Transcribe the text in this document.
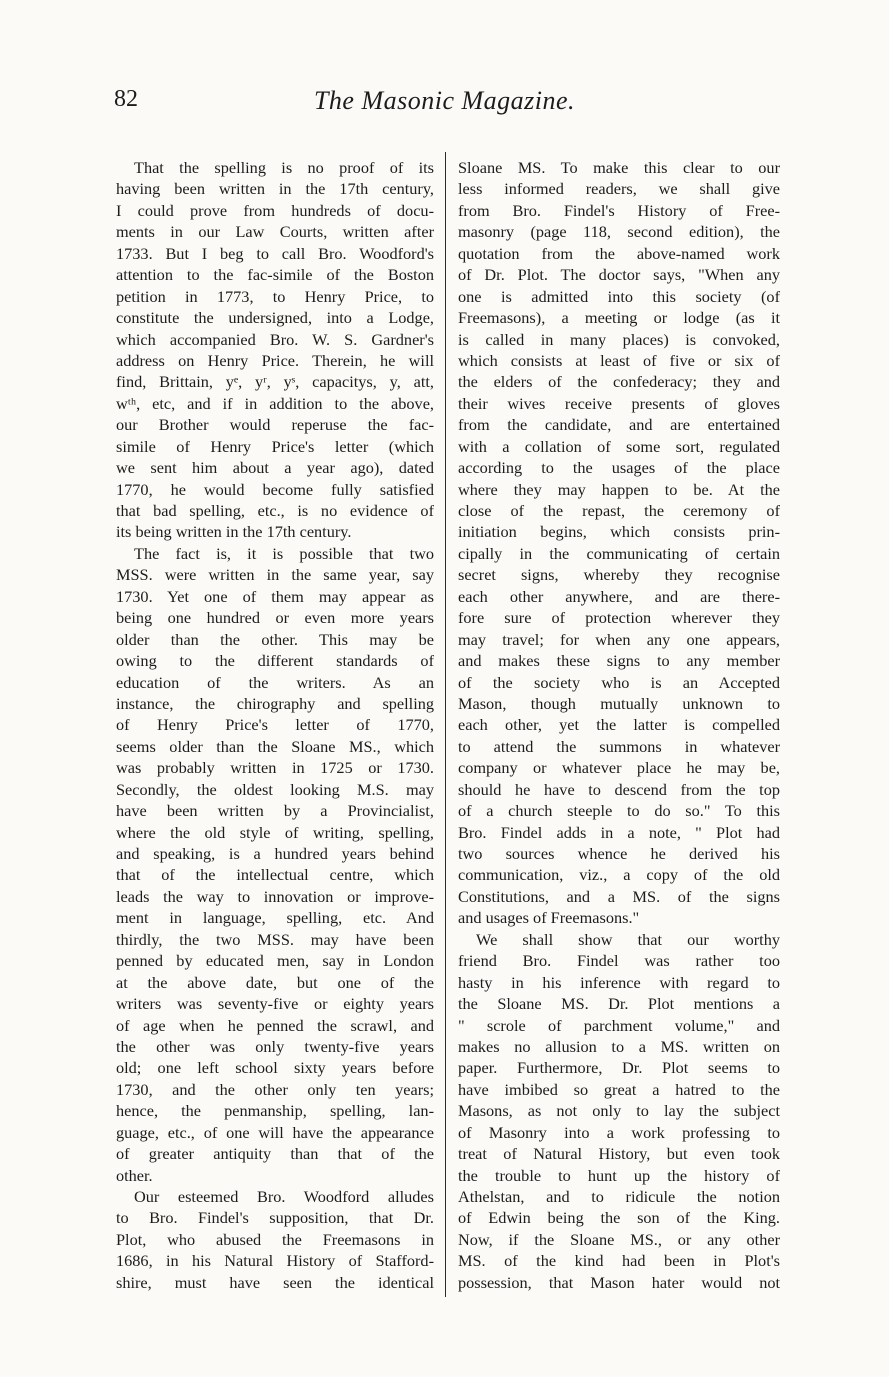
82	The Masonic Magazine.
That the spelling is no proof of its
having been written in the 17th century,
I could prove from hundreds of docu-
ments in our Law Courts, written after
1733. But I beg to call Bro. Woodford's
attention to the fac-simile of the Boston
petition in 1773, to Henry Price, to
constitute the undersigned, into a Lodge,
which accompanied Bro. W. S. Gardner's
address on Henry Price. Therein, he will
find, Brittain, yᵉ, yʳ, yˢ, capacitys, y, att,
wᵗʰ, etc, and if in addition to the above,
our Brother would reperuse the fac-
simile of Henry Price's letter (which
we sent him about a year ago), dated
1770, he would become fully satisfied
that bad spelling, etc., is no evidence of
its being written in the 17th century.
The fact is, it is possible that two
MSS. were written in the same year, say
1730. Yet one of them may appear as
being one hundred or even more years
older than the other. This may be
owing to the different standards of
education of the writers. As an
instance, the chirography and spelling
of Henry Price's letter of 1770,
seems older than the Sloane MS., which
was probably written in 1725 or 1730.
Secondly, the oldest looking M.S. may
have been written by a Provincialist,
where the old style of writing, spelling,
and speaking, is a hundred years behind
that of the intellectual centre, which
leads the way to innovation or improve-
ment in language, spelling, etc. And
thirdly, the two MSS. may have been
penned by educated men, say in London
at the above date, but one of the
writers was seventy-five or eighty years
of age when he penned the scrawl, and
the other was only twenty-five years
old; one left school sixty years before
1730, and the other only ten years;
hence, the penmanship, spelling, lan-
guage, etc., of one will have the appearance
of greater antiquity than that of the
other.
Our esteemed Bro. Woodford alludes
to Bro. Findel's supposition, that Dr.
Plot, who abused the Freemasons in
1686, in his Natural History of Stafford-
shire, must have seen the identical
Sloane MS. To make this clear to our
less informed readers, we shall give
from Bro. Findel's History of Free-
masonry (page 118, second edition), the
quotation from the above-named work
of Dr. Plot. The doctor says, "When any
one is admitted into this society (of
Freemasons), a meeting or lodge (as it
is called in many places) is convoked,
which consists at least of five or six of
the elders of the confederacy; they and
their wives receive presents of gloves
from the candidate, and are entertained
with a collation of some sort, regulated
according to the usages of the place
where they may happen to be. At the
close of the repast, the ceremony of
initiation begins, which consists prin-
cipally in the communicating of certain
secret signs, whereby they recognise
each other anywhere, and are there-
fore sure of protection wherever they
may travel; for when any one appears,
and makes these signs to any member
of the society who is an Accepted
Mason, though mutually unknown to
each other, yet the latter is compelled
to attend the summons in whatever
company or whatever place he may be,
should he have to descend from the top
of a church steeple to do so." To this
Bro. Findel adds in a note, " Plot had
two sources whence he derived his
communication, viz., a copy of the old
Constitutions, and a MS. of the signs
and usages of Freemasons."
We shall show that our worthy
friend Bro. Findel was rather too
hasty in his inference with regard to
the Sloane MS. Dr. Plot mentions a
" scrole of parchment volume," and
makes no allusion to a MS. written on
paper. Furthermore, Dr. Plot seems to
have imbibed so great a hatred to the
Masons, as not only to lay the subject
of Masonry into a work professing to
treat of Natural History, but even took
the trouble to hunt up the history of
Athelstan, and to ridicule the notion
of Edwin being the son of the King.
Now, if the Sloane MS., or any other
MS. of the kind had been in Plot's
possession, that Mason hater would not
